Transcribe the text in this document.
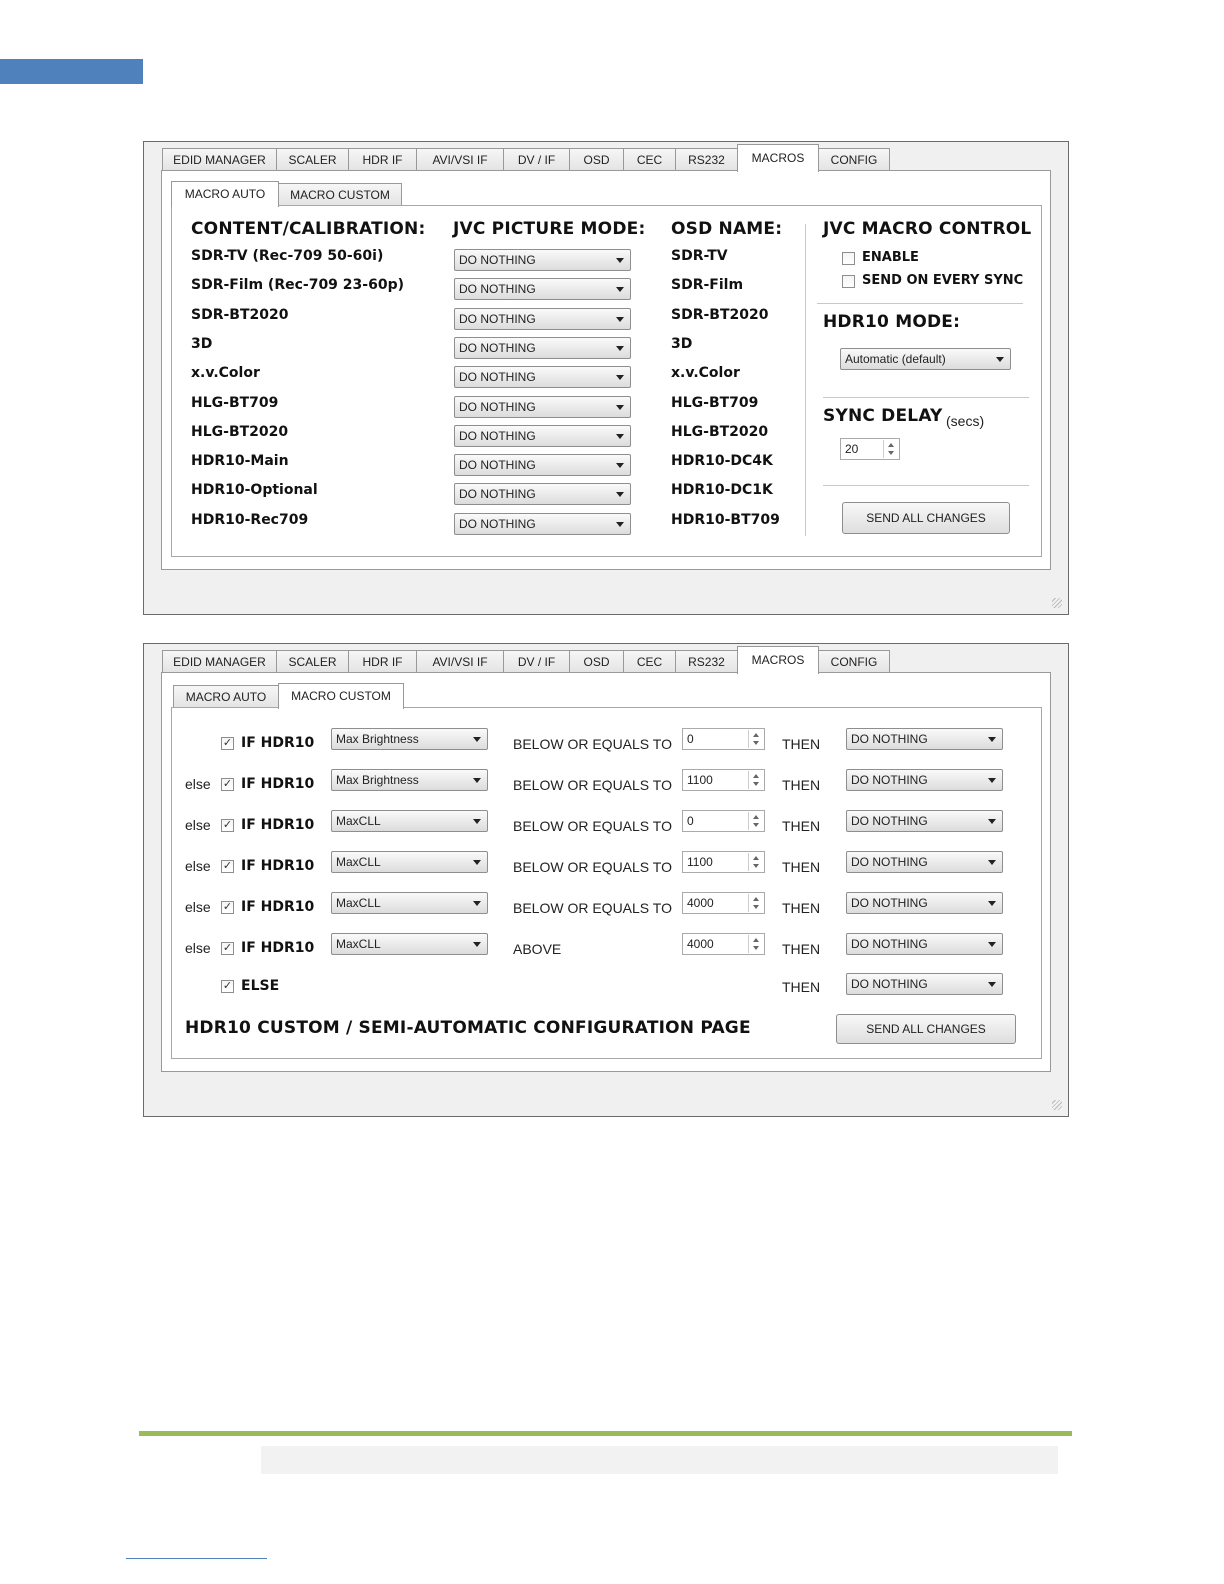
EDID MANAGER	SCALER	HDR IF	AVI/VSI IF	DV / IF	OSD	CEC	RS232	MACROS	CONFIG
MACRO AUTO	MACRO CUSTOM
CONTENT/CALIBRATION: JVC PICTURE MODE: OSD NAME: JVC MACRO CONTROL
SDR-TV (Rec-709 50-60i)	DO NOTHING	SDR-TV
SDR-Film (Rec-709 23-60p)	DO NOTHING	SDR-Film
SDR-BT2020	DO NOTHING	SDR-BT2020
3D	DO NOTHING	3D
x.v.Color	DO NOTHING	x.v.Color
HLG-BT709	DO NOTHING	HLG-BT709
HLG-BT2020	DO NOTHING	HLG-BT2020
HDR10-Main	DO NOTHING	HDR10-DC4K
HDR10-Optional	DO NOTHING	HDR10-DC1K
HDR10-Rec709	DO NOTHING	HDR10-BT709
ENABLE
SEND ON EVERY SYNC
HDR10 MODE:
Automatic (default)
SYNC DELAY (secs)
20
SEND ALL CHANGES
EDID MANAGER	SCALER	HDR IF	AVI/VSI IF	DV / IF	OSD	CEC	RS232	MACROS	CONFIG
MACRO AUTO	MACRO CUSTOM
✓ IF HDR10	Max Brightness	BELOW OR EQUALS TO	0	THEN	DO NOTHING
else ✓ IF HDR10	Max Brightness	BELOW OR EQUALS TO	1100	THEN	DO NOTHING
else ✓ IF HDR10	MaxCLL	BELOW OR EQUALS TO	0	THEN	DO NOTHING
else ✓ IF HDR10	MaxCLL	BELOW OR EQUALS TO	1100	THEN	DO NOTHING
else ✓ IF HDR10	MaxCLL	BELOW OR EQUALS TO	4000	THEN	DO NOTHING
else ✓ IF HDR10	MaxCLL	ABOVE	4000	THEN	DO NOTHING
✓ ELSE	THEN	DO NOTHING
HDR10 CUSTOM / SEMI-AUTOMATIC CONFIGURATION PAGE	SEND ALL CHANGES
